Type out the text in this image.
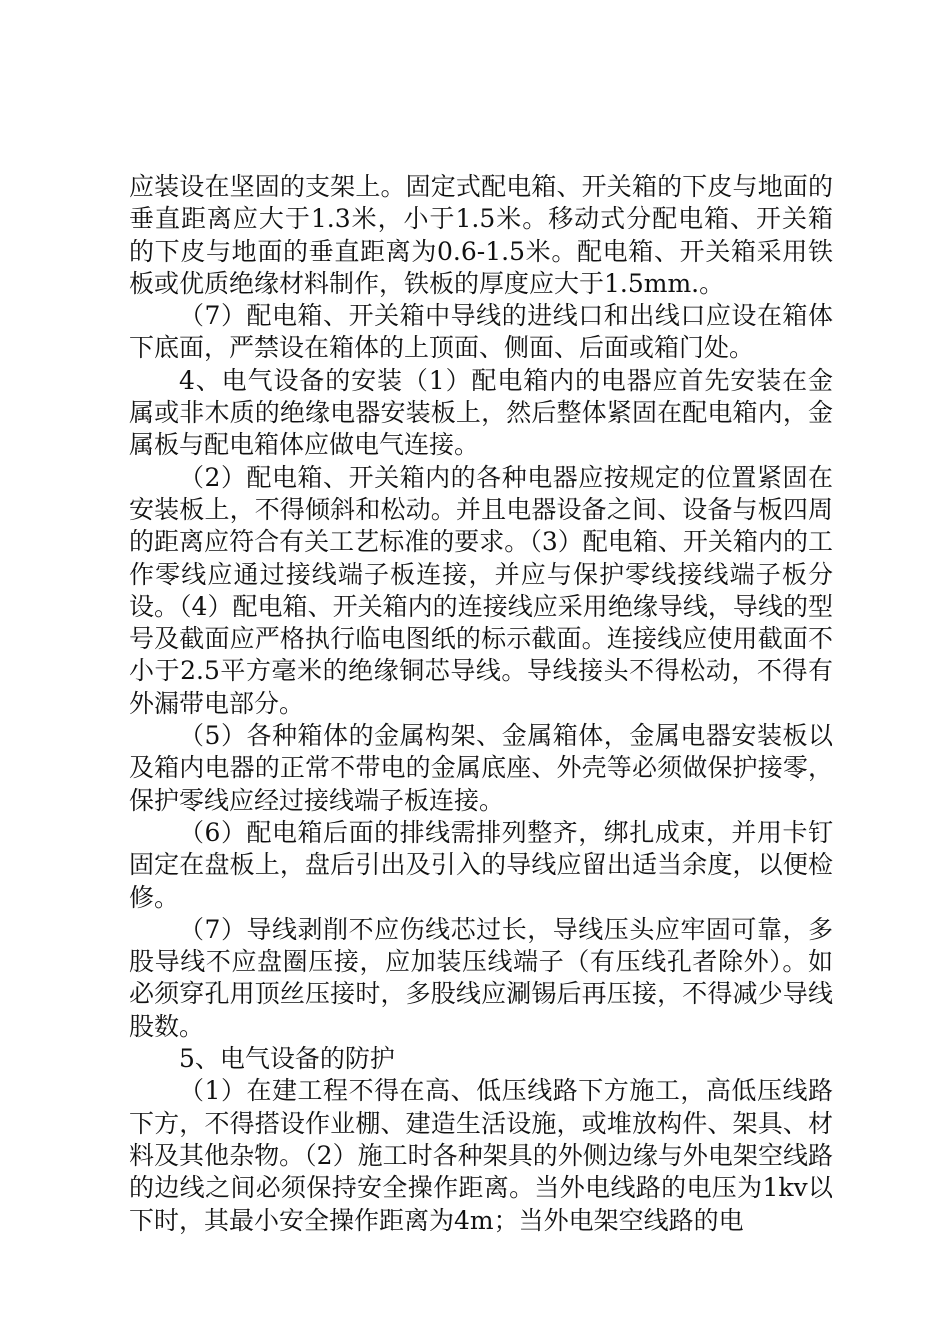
应装设在坚固的支架上。固定式配电箱、开关箱的下皮与地面的垂直距离应大于1.3米，小于1.5米。移动式分配电箱、开关箱的下皮与地面的垂直距离为0.6-1.5米。配电箱、开关箱采用铁板或优质绝缘材料制作，铁板的厚度应大于1.5mm.。

（7）配电箱、开关箱中导线的进线口和出线口应设在箱体下底面，严禁设在箱体的上顶面、侧面、后面或箱门处。

4、电气设备的安装（1）配电箱内的电器应首先安装在金属或非木质的绝缘电器安装板上，然后整体紧固在配电箱内，金属板与配电箱体应做电气连接。

（2）配电箱、开关箱内的各种电器应按规定的位置紧固在安装板上，不得倾斜和松动。并且电器设备之间、设备与板四周的距离应符合有关工艺标准的要求。（3）配电箱、开关箱内的工作零线应通过接线端子板连接，并应与保护零线接线端子板分设。（4）配电箱、开关箱内的连接线应采用绝缘导线，导线的型号及截面应严格执行临电图纸的标示截面。连接线应使用截面不小于2.5平方毫米的绝缘铜芯导线。导线接头不得松动，不得有外漏带电部分。

（5）各种箱体的金属构架、金属箱体，金属电器安装板以及箱内电器的正常不带电的金属底座、外壳等必须做保护接零，保护零线应经过接线端子板连接。

（6）配电箱后面的排线需排列整齐，绑扎成束，并用卡钉固定在盘板上，盘后引出及引入的导线应留出适当余度，以便检修。

（7）导线剥削不应伤线芯过长，导线压头应牢固可靠，多股导线不应盘圈压接，应加装压线端子（有压线孔者除外）。如必须穿孔用顶丝压接时，多股线应涮锡后再压接，不得减少导线股数。

5、电气设备的防护

（1）在建工程不得在高、低压线路下方施工，高低压线路下方，不得搭设作业棚、建造生活设施，或堆放构件、架具、材料及其他杂物。（2）施工时各种架具的外侧边缘与外电架空线路的边线之间必须保持安全操作距离。当外电线路的电压为1kv以下时，其最小安全操作距离为4m；当外电架空线路的电
